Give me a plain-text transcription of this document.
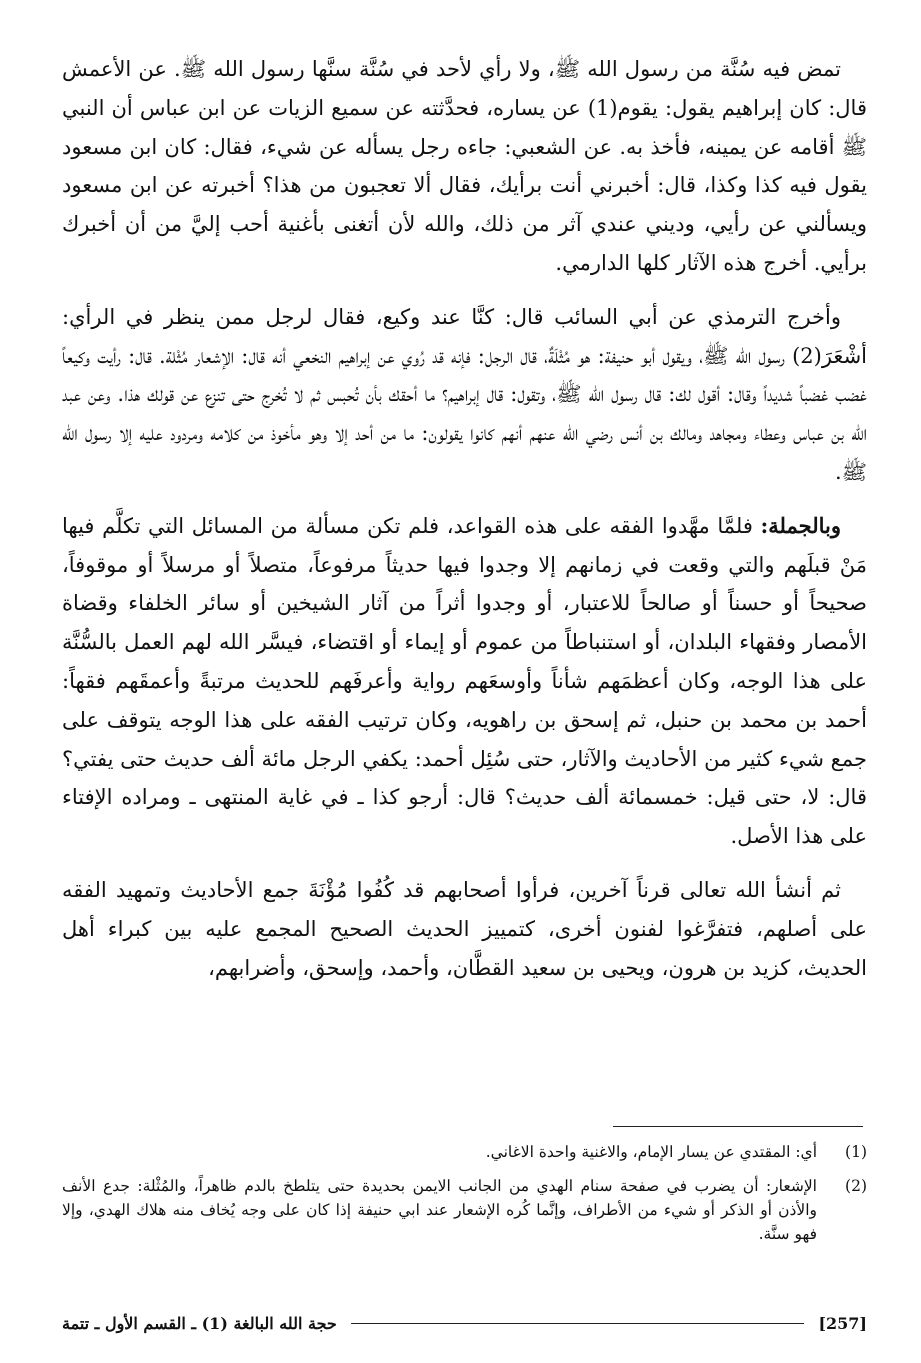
تمض فيه سُنَّة من رسول الله ﷺ، ولا رأي لأحد في سُنَّة سنَّها رسول الله ﷺ. عن الأعمش قال: كان إبراهيم يقول: يقوم(1) عن يساره، فحدَّثته عن سميع الزيات عن ابن عباس أن النبي ﷺ أقامه عن يمينه، فأخذ به. عن الشعبي: جاءه رجل يسأله عن شيء، فقال: كان ابن مسعود يقول فيه كذا وكذا، قال: أخبرني أنت برأيك، فقال ألا تعجبون من هذا؟ أخبرته عن ابن مسعود ويسألني عن رأيي، وديني عندي آثر من ذلك، والله لأن أتغنى بأغنية أحب إليَّ من أن أخبرك برأيي. أخرج هذه الآثار كلها الدارمي.

وأخرج الترمذي عن أبي السائب قال: كنَّا عند وكيع، فقال لرجل ممن ينظر في الرأي: أشْعَرَ(2) رسول الله ﷺ، ويقول أبو حنيفة: هو مُثْلَةٌ، قال الرجل: فإنه قد رُوي عن إبراهيم النخعي أنه قال: الإشعار مُثْلة. قال: رأيت وكيعاً غضب غضباً شديداً وقال: أقول لك: قال رسول الله ﷺ، وتقول: قال إبراهيم؟ ما أحقك بأن تُحبس ثم لا تُخرج حتى تنزع عن قولك هذا. وعن عبد الله بن عباس وعطاء ومجاهد ومالك بن أنس رضي الله عنهم أنهم كانوا يقولون: ما من أحد إلا وهو مأخوذ من كلامه ومردود عليه إلا رسول الله ﷺ.

وبالجملة: فلمَّا مهَّدوا الفقه على هذه القواعد، فلم تكن مسألة من المسائل التي تكلَّم فيها مَنْ قبلَهم والتي وقعت في زمانهم إلا وجدوا فيها حديثاً مرفوعاً، متصلاً أو مرسلاً أو موقوفاً، صحيحاً أو حسناً أو صالحاً للاعتبار، أو وجدوا أثراً من آثار الشيخين أو سائر الخلفاء وقضاة الأمصار وفقهاء البلدان، أو استنباطاً من عموم أو إيماء أو اقتضاء، فيسَّر الله لهم العمل بالسُّنَّة على هذا الوجه، وكان أعظمَهم شأناً وأوسعَهم رواية وأعرفَهم للحديث مرتبةً وأعمقَهم فقهاً: أحمد بن محمد بن حنبل، ثم إسحق بن راهويه، وكان ترتيب الفقه على هذا الوجه يتوقف على جمع شيء كثير من الأحاديث والآثار، حتى سُئِل أحمد: يكفي الرجل مائة ألف حديث حتى يفتي؟ قال: لا، حتى قيل: خمسمائة ألف حديث؟ قال: أرجو كذا ـ في غاية المنتهى ـ ومراده الإفتاء على هذا الأصل.

ثم أنشأ الله تعالى قرناً آخرين، فرأوا أصحابهم قد كُفُوا مُؤْنَةَ جمع الأحاديث وتمهيد الفقه على أصلهم، فتفرَّغوا لفنون أخرى، كتمييز الحديث الصحيح المجمع عليه بين كبراء أهل الحديث، كزيد بن هرون، ويحيى بن سعيد القطَّان، وأحمد، وإسحق، وأضرابهم،

(1)
أي: المقتدي عن يسار الإمام، والاغنية واحدة الاغاني.
(2)
الإشعار: أن يضرب في صفحة سنام الهدي من الجانب الايمن بحديدة حتى يتلطخ بالدم ظاهراً، والمُثْلة: جدع الأنف والأذن أو الذكر أو شيء من الأطراف، وإنَّما كُره الإشعار عند ابي حنيفة إذا كان على وجه يُخاف منه هلاك الهدي، وإلا فهو سنَّة.
حجة الله البالغة (1) ـ القسم الأول ـ تتمة	[257]
